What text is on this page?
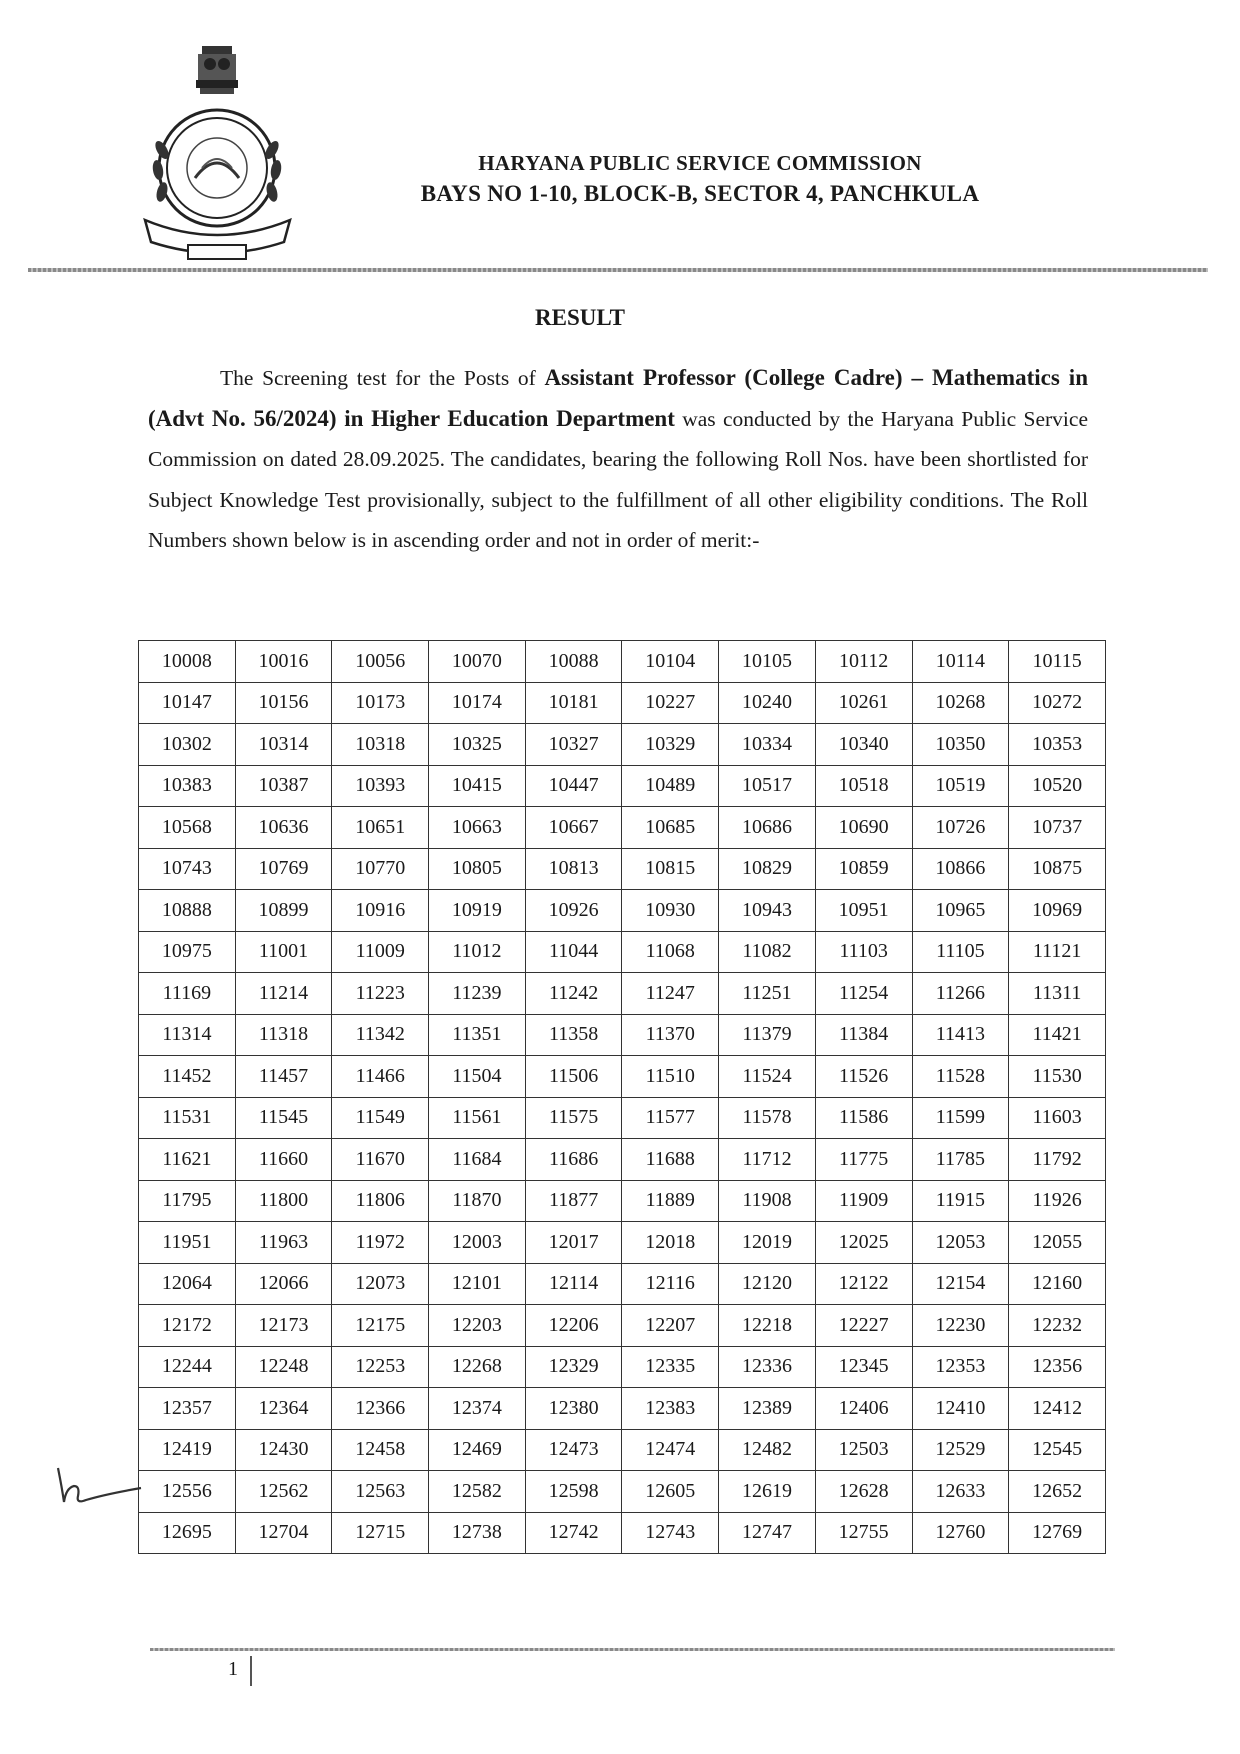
HARYANA PUBLIC SERVICE COMMISSION
BAYS NO 1-10, BLOCK-B, SECTOR 4, PANCHKULA
RESULT
The Screening test for the Posts of Assistant Professor (College Cadre) – Mathematics in (Advt No. 56/2024) in Higher Education Department was conducted by the Haryana Public Service Commission on dated 28.09.2025. The candidates, bearing the following Roll Nos. have been shortlisted for Subject Knowledge Test provisionally, subject to the fulfillment of all other eligibility conditions. The Roll Numbers shown below is in ascending order and not in order of merit:-
10008	10016	10056	10070	10088	10104	10105	10112	10114	10115
10147	10156	10173	10174	10181	10227	10240	10261	10268	10272
10302	10314	10318	10325	10327	10329	10334	10340	10350	10353
10383	10387	10393	10415	10447	10489	10517	10518	10519	10520
10568	10636	10651	10663	10667	10685	10686	10690	10726	10737
10743	10769	10770	10805	10813	10815	10829	10859	10866	10875
10888	10899	10916	10919	10926	10930	10943	10951	10965	10969
10975	11001	11009	11012	11044	11068	11082	11103	11105	11121
11169	11214	11223	11239	11242	11247	11251	11254	11266	11311
11314	11318	11342	11351	11358	11370	11379	11384	11413	11421
11452	11457	11466	11504	11506	11510	11524	11526	11528	11530
11531	11545	11549	11561	11575	11577	11578	11586	11599	11603
11621	11660	11670	11684	11686	11688	11712	11775	11785	11792
11795	11800	11806	11870	11877	11889	11908	11909	11915	11926
11951	11963	11972	12003	12017	12018	12019	12025	12053	12055
12064	12066	12073	12101	12114	12116	12120	12122	12154	12160
12172	12173	12175	12203	12206	12207	12218	12227	12230	12232
12244	12248	12253	12268	12329	12335	12336	12345	12353	12356
12357	12364	12366	12374	12380	12383	12389	12406	12410	12412
12419	12430	12458	12469	12473	12474	12482	12503	12529	12545
12556	12562	12563	12582	12598	12605	12619	12628	12633	12652
12695	12704	12715	12738	12742	12743	12747	12755	12760	12769
1
